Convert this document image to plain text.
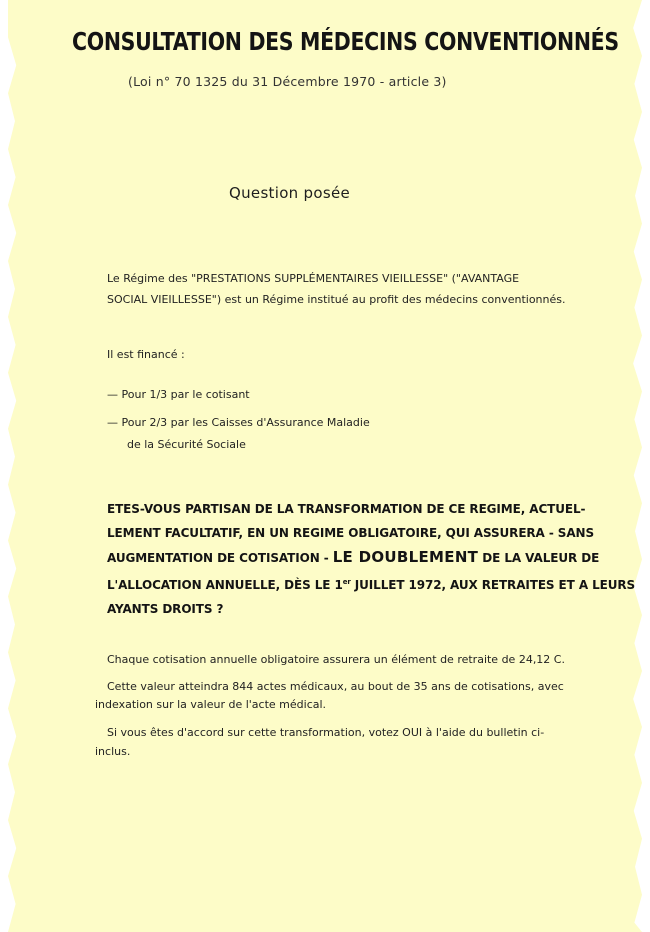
CONSULTATION DES MÉDECINS CONVENTIONNÉS
(Loi n° 70 1325 du 31 Décembre 1970 - article 3)
Question posée
Le Régime des "PRESTATIONS SUPPLÉMENTAIRES VIEILLESSE" ("AVANTAGE
SOCIAL VIEILLESSE") est un Régime institué au profit des médecins conventionnés.
Il est financé :
— Pour 1/3 par le cotisant
— Pour 2/3 par les Caisses d'Assurance Maladie
de la Sécurité Sociale
ETES-VOUS PARTISAN DE LA TRANSFORMATION DE CE REGIME, ACTUEL-
LEMENT FACULTATIF, EN UN REGIME OBLIGATOIRE, QUI ASSURERA - SANS
AUGMENTATION DE COTISATION - LE DOUBLEMENT DE LA VALEUR DE
L'ALLOCATION ANNUELLE, DÈS LE 1er JUILLET 1972, AUX RETRAITES ET A LEURS
AYANTS DROITS ?
Chaque cotisation annuelle obligatoire assurera un élément de retraite de 24,12 C.
Cette valeur atteindra 844 actes médicaux, au bout de 35 ans de cotisations, avec
indexation sur la valeur de l'acte médical.
Si vous êtes d'accord sur cette transformation, votez OUI à l'aide du bulletin ci-
inclus.
